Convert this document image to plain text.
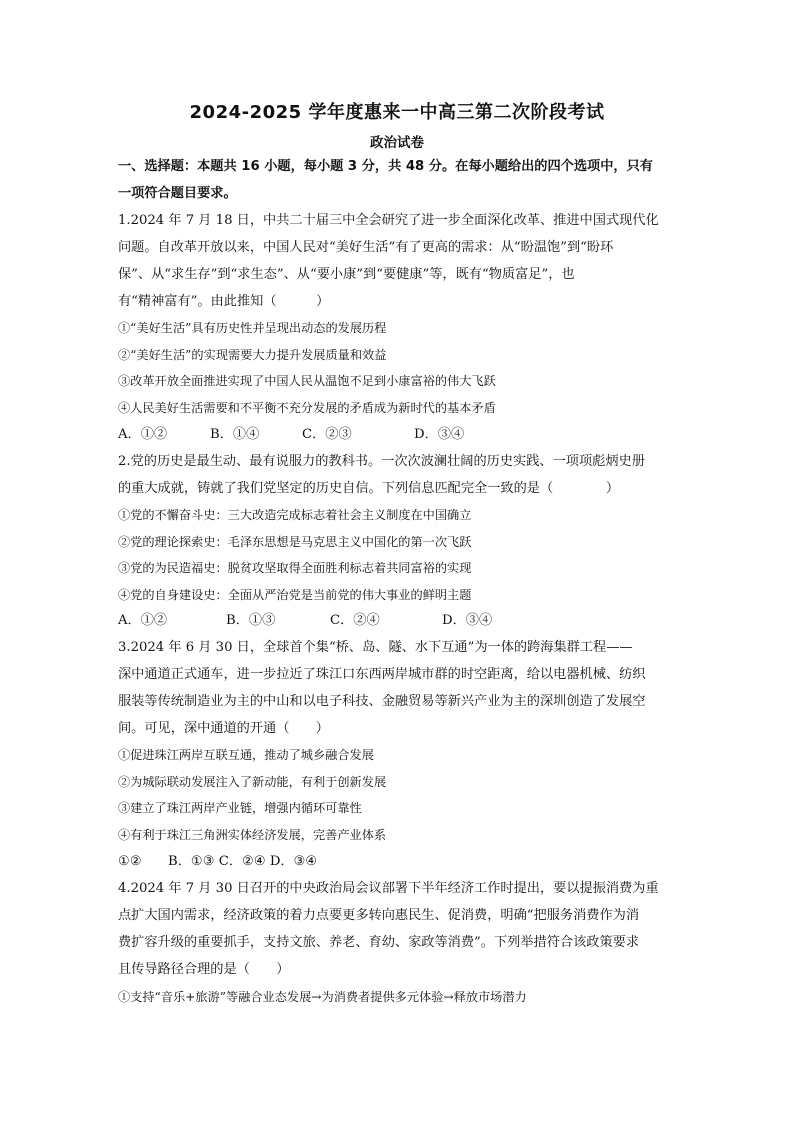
2024-2025 学年度惠来一中高三第二次阶段考试
政治试卷
一、选择题：本题共 16 小题，每小题 3 分，共 48 分。在每小题给出的四个选项中，只有
一项符合题目要求。
1.2024 年 7 月 18 日，中共二十届三中全会研究了进一步全面深化改革、推进中国式现代化
问题。自改革开放以来，中国人民对“美好生活”有了更高的需求：从“盼温饱”到“盼环
保”、从“求生存”到“求生态”、从“要小康”到“要健康”等，既有“物质富足”，也
有“精神富有”。由此推知（　　　）
①“美好生活”具有历史性并呈现出动态的发展历程
②“美好生活”的实现需要大力提升发展质量和效益
③改革开放全面推进实现了中国人民从温饱不足到小康富裕的伟大飞跃
④人民美好生活需要和不平衡不充分发展的矛盾成为新时代的基本矛盾
A．①②	B．①④	C．②③	D．③④
2.党的历史是最生动、最有说服力的教科书。一次次波澜壮阔的历史实践、一项项彪炳史册
的重大成就，铸就了我们党坚定的历史自信。下列信息匹配完全一致的是（　　　　）
①党的不懈奋斗史：三大改造完成标志着社会主义制度在中国确立
②党的理论探索史：毛泽东思想是马克思主义中国化的第一次飞跃
③党的为民造福史：脱贫攻坚取得全面胜利标志着共同富裕的实现
④党的自身建设史：全面从严治党是当前党的伟大事业的鲜明主题
A．①②	B．①③	C．②④	D．③④
3.2024 年 6 月 30 日，全球首个集“桥、岛、隧、水下互通”为一体的跨海集群工程——
深中通道正式通车，进一步拉近了珠江口东西两岸城市群的时空距离，给以电器机械、纺织
服装等传统制造业为主的中山和以电子科技、金融贸易等新兴产业为主的深圳创造了发展空
间。可见，深中通道的开通（　　）
①促进珠江两岸互联互通，推动了城乡融合发展
②为城际联动发展注入了新动能，有利于创新发展
③建立了珠江两岸产业链，增强内循环可靠性
④有利于珠江三角洲实体经济发展，完善产业体系
①②　　B．①③ C．②④ D．③④
4.2024 年 7 月 30 日召开的中央政治局会议部署下半年经济工作时提出，要以提振消费为重
点扩大国内需求，经济政策的着力点要更多转向惠民生、促消费，明确“把服务消费作为消
费扩容升级的重要抓手，支持文旅、养老、育幼、家政等消费”。下列举措符合该政策要求
且传导路径合理的是（　　）
①支持“音乐+旅游”等融合业态发展→为消费者提供多元体验→释放市场潜力
